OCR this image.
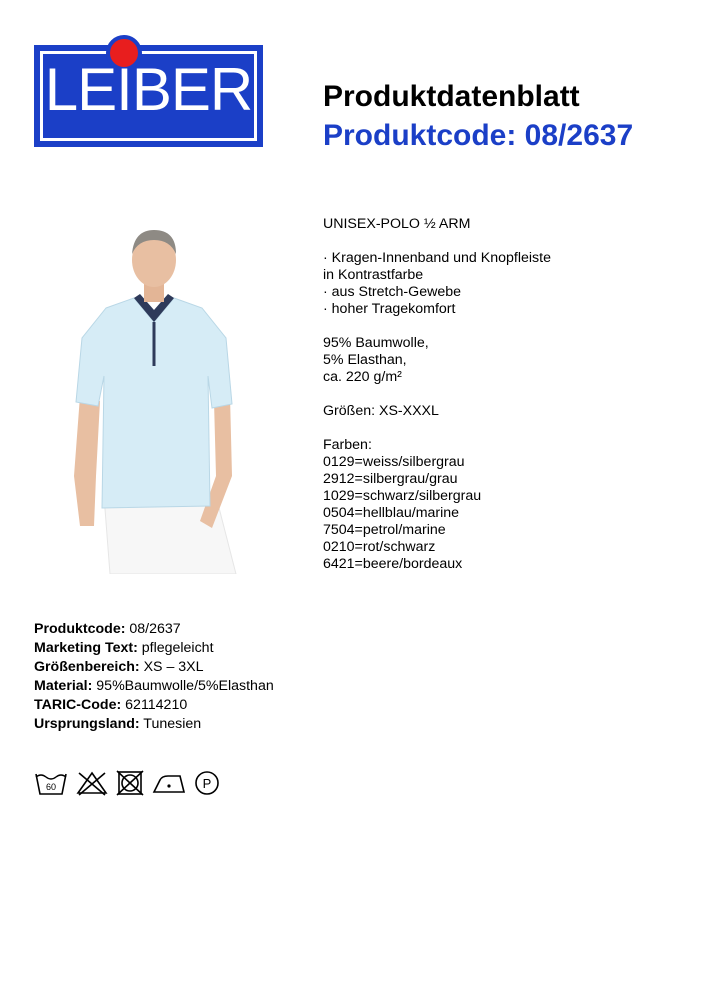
LEIBER	Produktdatenblatt
Produktcode: 08/2637
UNISEX-POLO ½ ARM
· Kragen-Innenband und Knopfleiste
in Kontrastfarbe
· aus Stretch-Gewebe
· hoher Tragekomfort
95% Baumwolle,
5% Elasthan,
ca. 220 g/m²
Größen: XS-XXXL
Farben:
0129=weiss/silbergrau
2912=silbergrau/grau
1029=schwarz/silbergrau
0504=hellblau/marine
7504=petrol/marine
0210=rot/schwarz
6421=beere/bordeaux
Produktcode: 08/2637
Marketing Text: pflegeleicht
Größenbereich: XS – 3XL
Material: 95%Baumwolle/5%Elasthan
TARIC-Code: 62114210
Ursprungsland: Tunesien
60	P
